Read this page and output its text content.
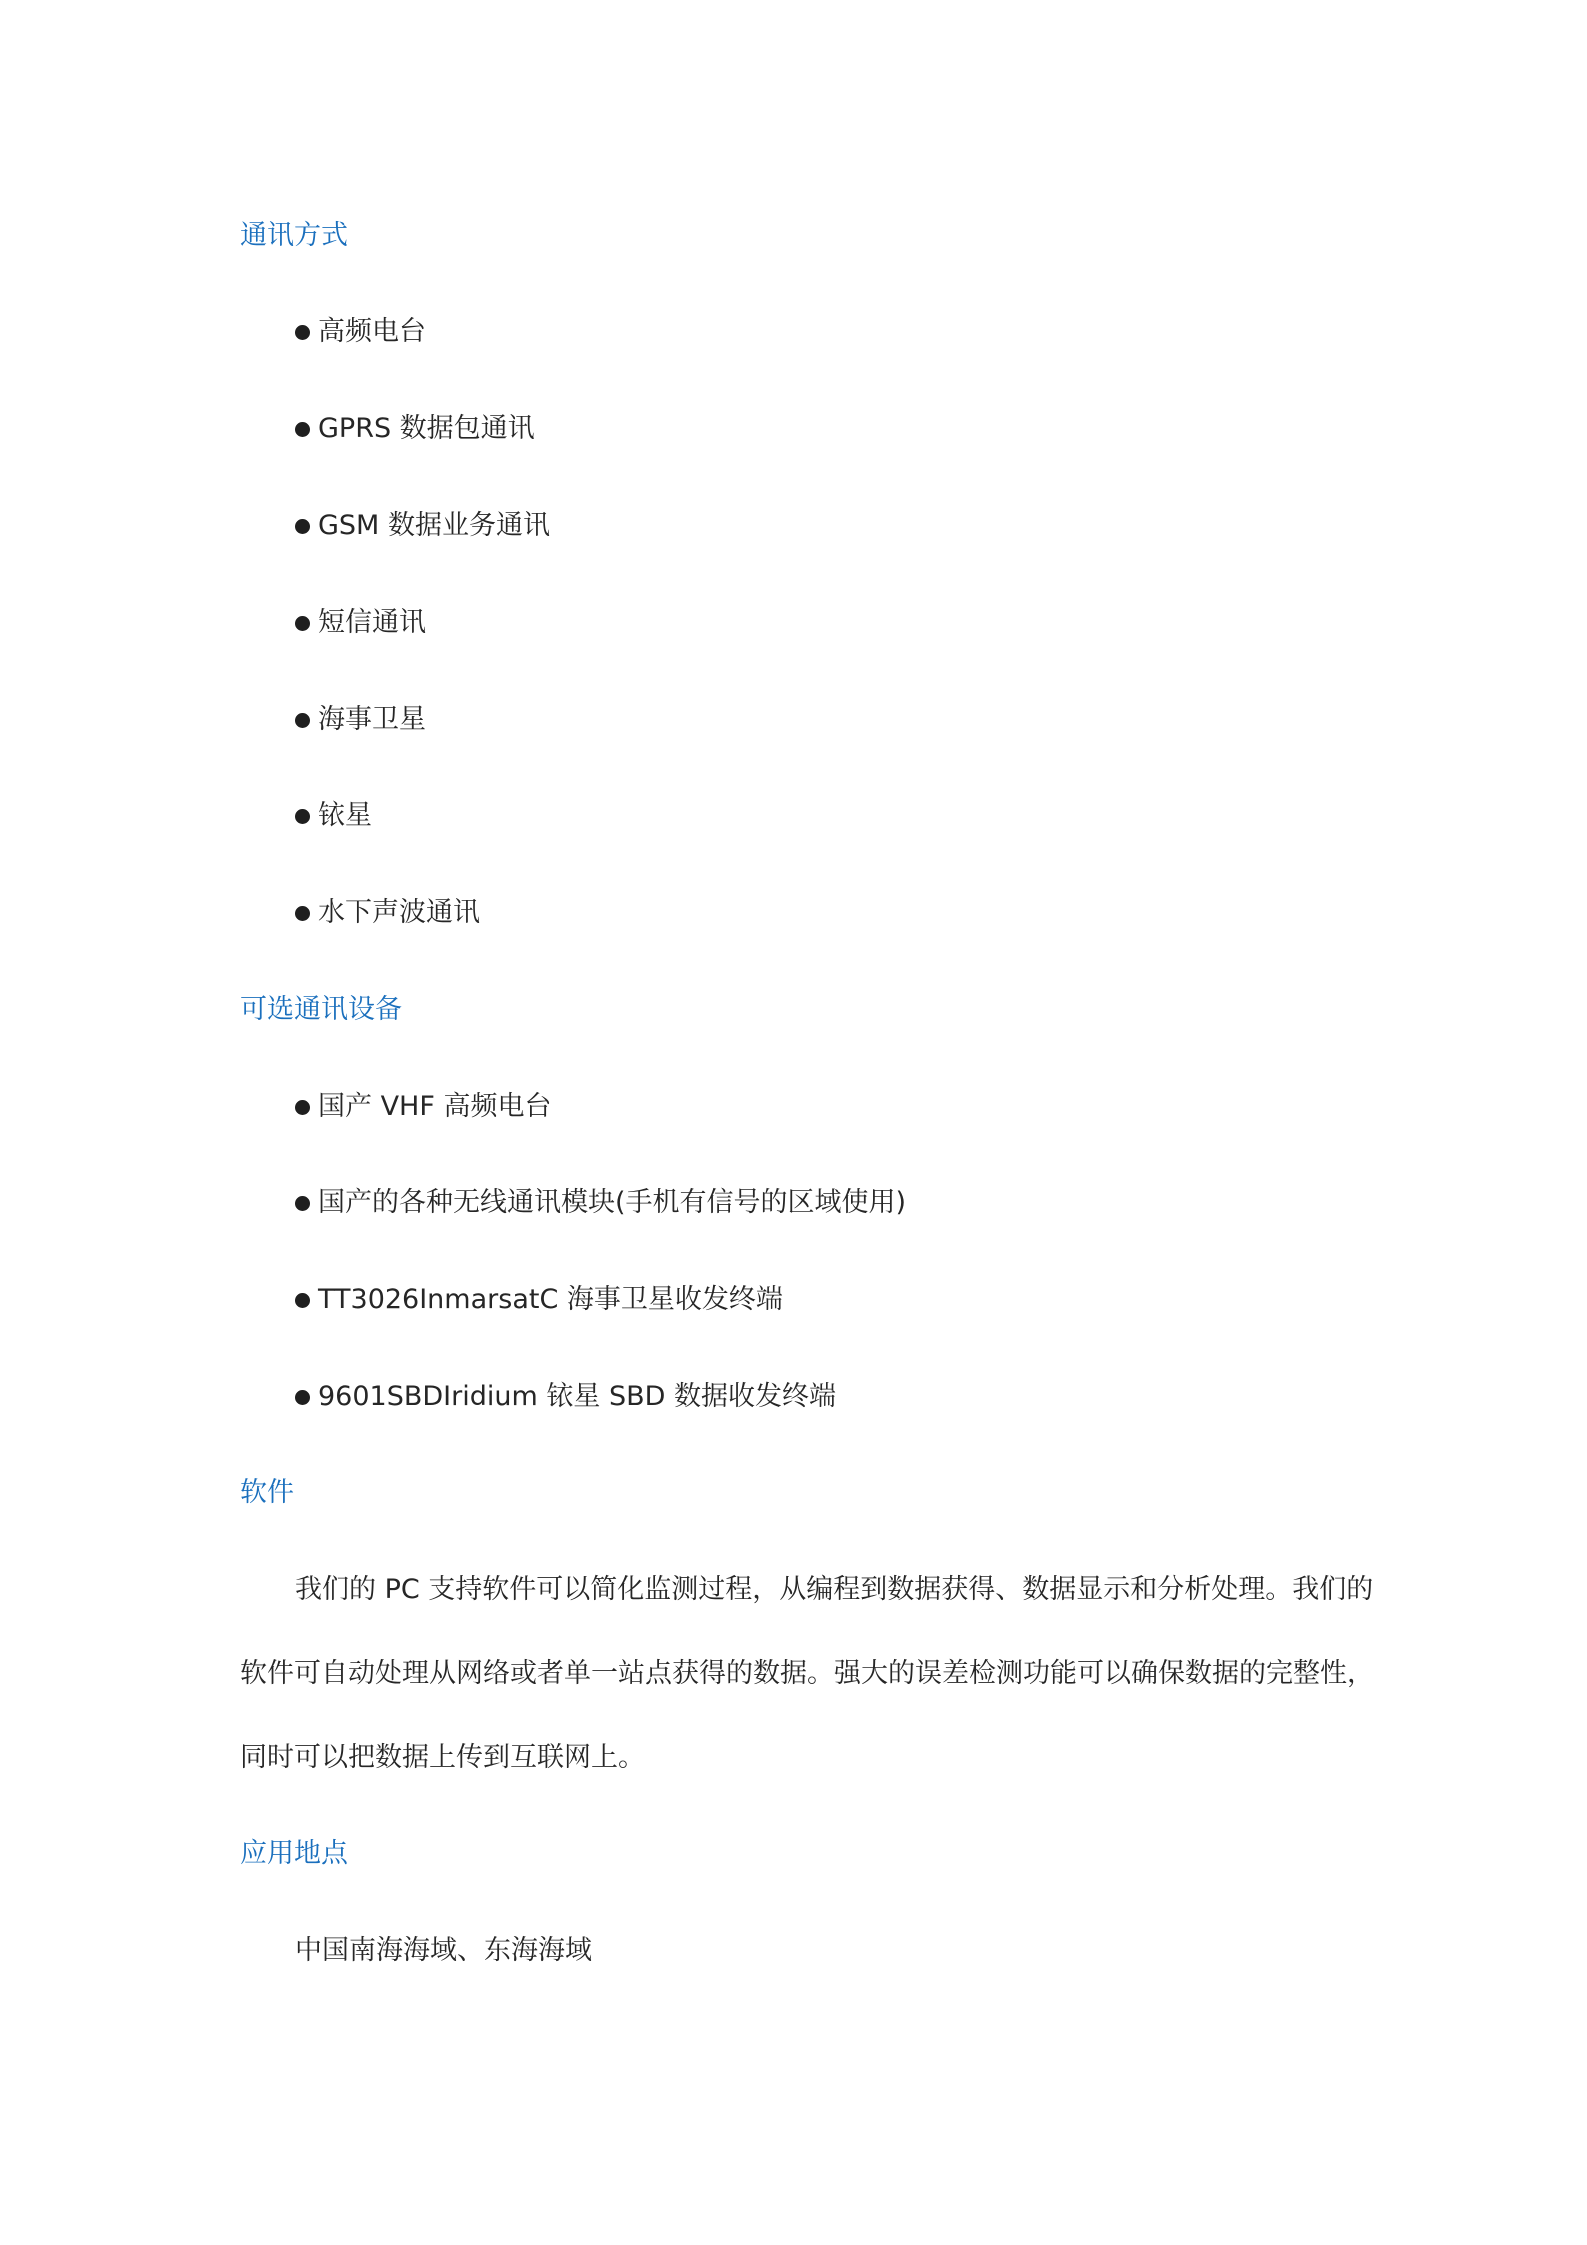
通讯方式
高频电台
GPRS 数据包通讯
GSM 数据业务通讯
短信通讯
海事卫星
铱星
水下声波通讯
可选通讯设备
国产 VHF 高频电台
国产的各种无线通讯模块(手机有信号的区域使用)
TT3026InmarsatC 海事卫星收发终端
9601SBDIridium 铱星 SBD 数据收发终端
软件
我们的 PC 支持软件可以简化监测过程，从编程到数据获得、数据显示和分析处理。我们的
软件可自动处理从网络或者单一站点获得的数据。强大的误差检测功能可以确保数据的完整性，
同时可以把数据上传到互联网上。
应用地点
中国南海海域、东海海域
